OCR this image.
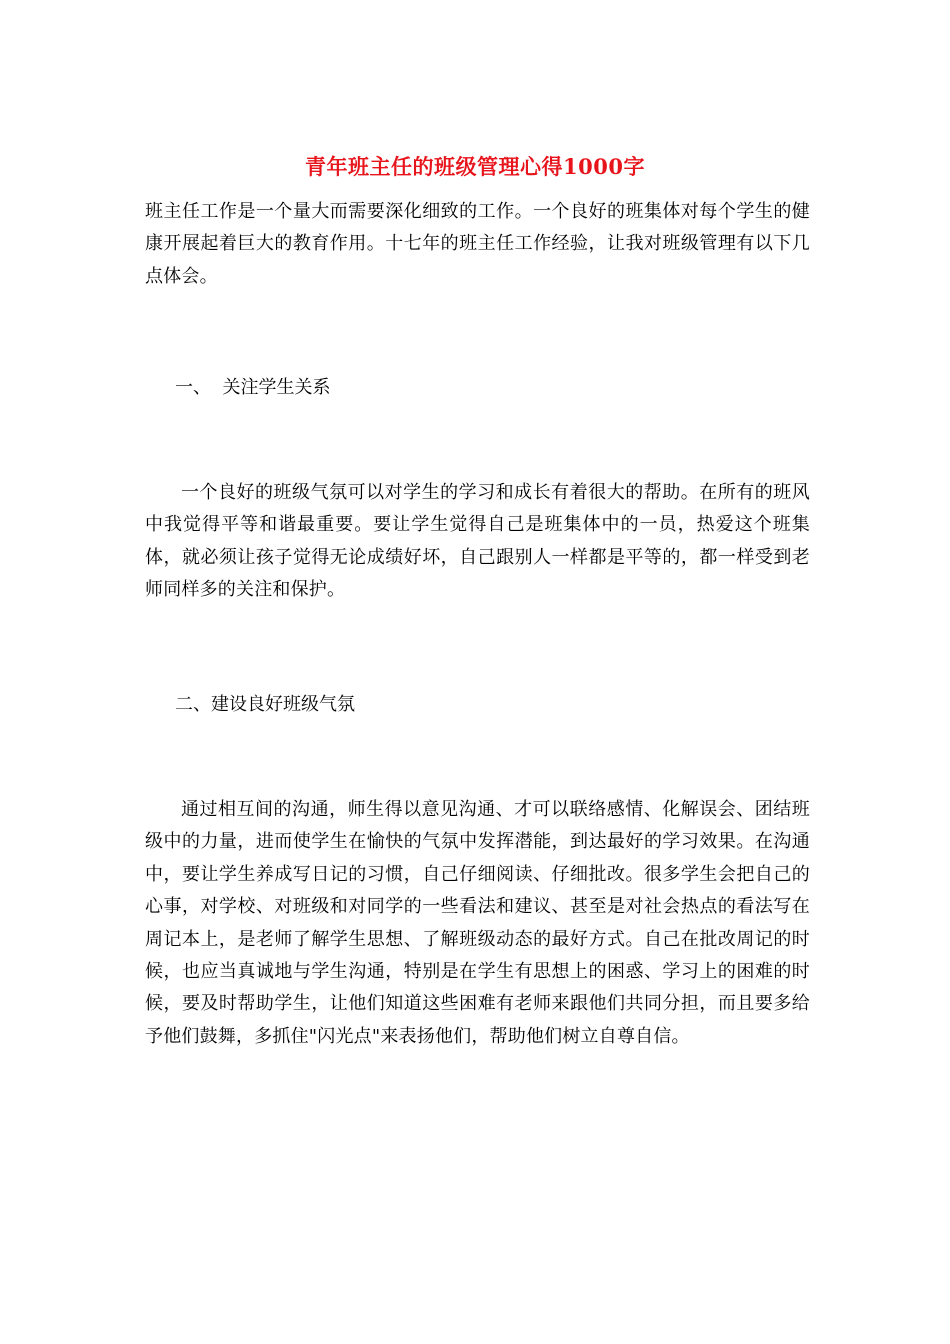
青年班主任的班级管理心得1000字

班主任工作是一个量大而需要深化细致的工作。一个良好的班集体对每个学生的健康开展起着巨大的教育作用。十七年的班主任工作经验，让我对班级管理有以下几点体会。

一、  关注学生关系

一个良好的班级气氛可以对学生的学习和成长有着很大的帮助。在所有的班风中我觉得平等和谐最重要。要让学生觉得自己是班集体中的一员，热爱这个班集体，就必须让孩子觉得无论成绩好坏，自己跟别人一样都是平等的，都一样受到老师同样多的关注和保护。

二、建设良好班级气氛

通过相互间的沟通，师生得以意见沟通、才可以联络感情、化解误会、团结班级中的力量，进而使学生在愉快的气氛中发挥潜能，到达最好的学习效果。在沟通中，要让学生养成写日记的习惯，自己仔细阅读、仔细批改。很多学生会把自己的心事，对学校、对班级和对同学的一些看法和建议、甚至是对社会热点的看法写在周记本上，是老师了解学生思想、了解班级动态的最好方式。自己在批改周记的时候，也应当真诚地与学生沟通，特别是在学生有思想上的困惑、学习上的困难的时候，要及时帮助学生，让他们知道这些困难有老师来跟他们共同分担，而且要多给予他们鼓舞，多抓住"闪光点"来表扬他们，帮助他们树立自尊自信。
